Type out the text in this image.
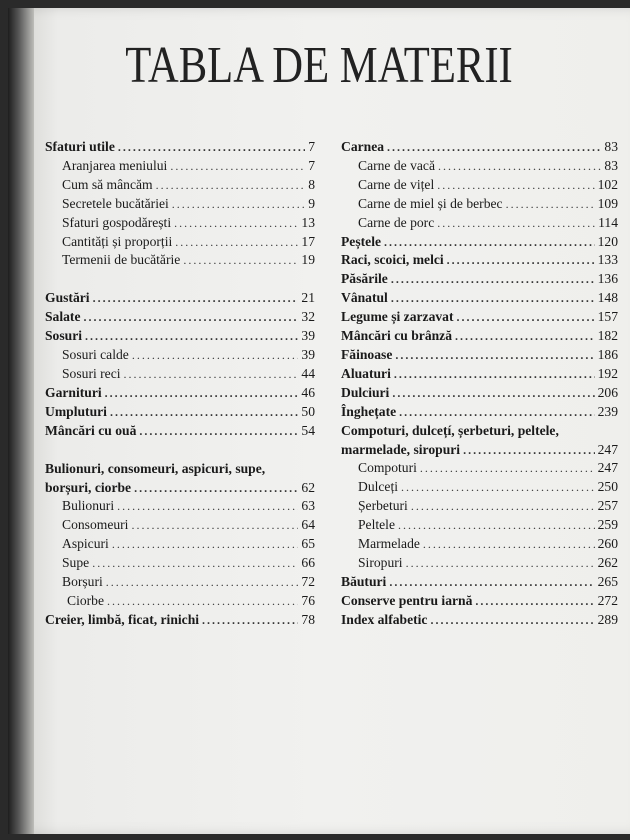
TABLA DE MATERII
Sfaturi utile .....	7
Aranjarea meniului .....	7
Cum să mâncăm .....	8
Secretele bucătăriei .....	9
Sfaturi gospodărești .....	13
Cantități și proporții .....	17
Termenii de bucătărie .....	19
Gustări .....	21
Salate .....	32
Sosuri .....	39
Sosuri calde .....	39
Sosuri reci .....	44
Garnituri .....	46
Umpluturi .....	50
Mâncări cu ouă .....	54
Bulionuri, consomeuri, aspicuri, supe,
borșuri, ciorbe .....	62
Bulionuri .....	63
Consomeuri .....	64
Aspicuri .....	65
Supe .....	66
Borșuri .....	72
Ciorbe .....	76
Creier, limbă, ficat, rinichi .....	78
Carnea .....	83
Carne de vacă .....	83
Carne de vițel .....	102
Carne de miel și de berbec .....	109
Carne de porc .....	114
Peștele .....	120
Raci, scoici, melci .....	133
Păsările .....	136
Vânatul .....	148
Legume și zarzavat .....	157
Mâncări cu brânză .....	182
Făinoase .....	186
Aluaturi .....	192
Dulciuri .....	206
Înghețate .....	239
Compoturi, dulcețí, șerbeturi, peltele,
marmelade, siropuri .....	247
Compoturi .....	247
Dulceți .....	250
Șerbeturi .....	257
Peltele .....	259
Marmelade .....	260
Siropuri .....	262
Băuturi .....	265
Conserve pentru iarnă .....	272
Index alfabetic .....	289
